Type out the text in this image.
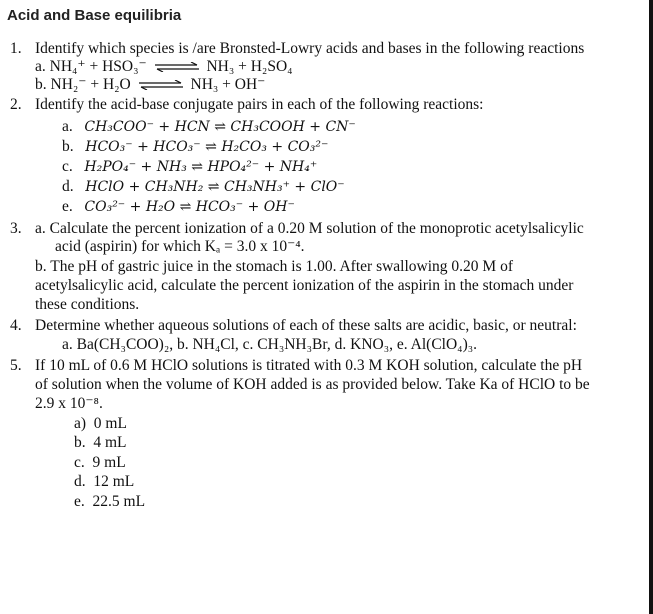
Acid and Base equilibria
1. Identify which species is /are Bronsted-Lowry acids and bases in the following reactions
a. NH₄⁺ + HSO₃⁻ ⇌ NH₃ + H₂SO₄
b. NH₂⁻ + H₂O ⇌ NH₃ + OH⁻
2. Identify the acid-base conjugate pairs in each of the following reactions:
a. CH₃COO⁻ + HCN ⇌ CH₃COOH + CN⁻
b. HCO₃⁻ + HCO₃⁻ ⇌ H₂CO₃ + CO₃²⁻
c. H₂PO₄⁻ + NH₃ ⇌ HPO₄²⁻ + NH₄⁺
d. HClO + CH₃NH₂ ⇌ CH₃NH₃⁺ + ClO⁻
e. CO₃²⁻ + H₂O ⇌ HCO₃⁻ + OH⁻
3. a. Calculate the percent ionization of a 0.20 M solution of the monoprotic acetylsalicylic
acid (aspirin) for which Kₐ = 3.0 x 10⁻⁴.
b. The pH of gastric juice in the stomach is 1.00. After swallowing 0.20 M of
acetylsalicylic acid, calculate the percent ionization of the aspirin in the stomach under
these conditions.
4. Determine whether aqueous solutions of each of these salts are acidic, basic, or neutral:
a. Ba(CH₃COO)₂, b. NH₄Cl, c. CH₃NH₃Br, d. KNO₃, e. Al(ClO₄)₃.
5. If 10 mL of 0.6 M HClO solutions is titrated with 0.3 M KOH solution, calculate the pH
of solution when the volume of KOH added is as provided below. Take Ka of HClO to be
2.9 x 10⁻⁸.
a) 0 mL
b. 4 mL
c. 9 mL
d. 12 mL
e. 22.5 mL
